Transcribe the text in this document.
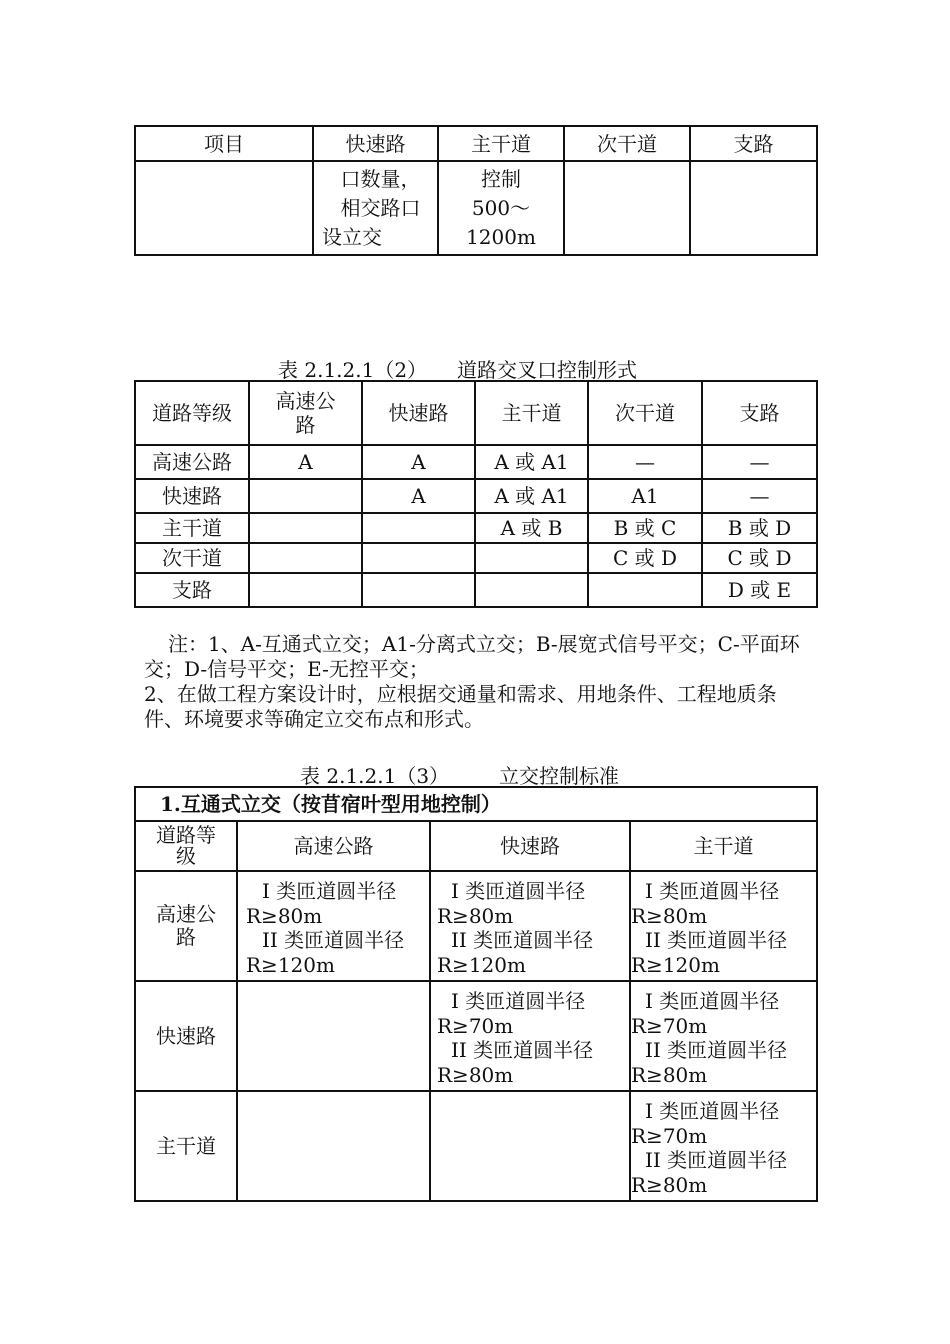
项目	快速路	主干道	次干道	支路

	口数量，
相交路口
设立交	控制
500～
1200m		

表 2.1.2.1（2）　　道路交叉口控制形式
道路等级	高速公
路	快速路	主干道	次干道	支路
高速公路	A	A	A 或 A1	—	—
快速路		A	A 或 A1	A1	—
主干道			A 或 B	B 或 C	B 或 D
次干道				C 或 D	C 或 D
支路					D 或 E

注：1、A-互通式立交；A1-分离式立交；B-展宽式信号平交；C-平面环交；D-信号平交；E-无控平交；

2、在做工程方案设计时，应根据交通量和需求、用地条件、工程地质条件、环境要求等确定立交布点和形式。

表 2.1.2.1（3）　　　立交控制标准
1.互通式立交（按苜宿叶型用地控制）			

道路等
级	高速公路	快速路	主干道

高速公
路	I 类匝道圆半径
R≥80m
II 类匝道圆半径
R≥120m	I 类匝道圆半径
R≥80m
II 类匝道圆半径
R≥120m	I 类匝道圆半径
R≥80m
II 类匝道圆半径
R≥120m

快速路		I 类匝道圆半径
R≥70m
II 类匝道圆半径
R≥80m	I 类匝道圆半径
R≥70m
II 类匝道圆半径
R≥80m

主干道			I 类匝道圆半径
R≥70m
II 类匝道圆半径
R≥80m
